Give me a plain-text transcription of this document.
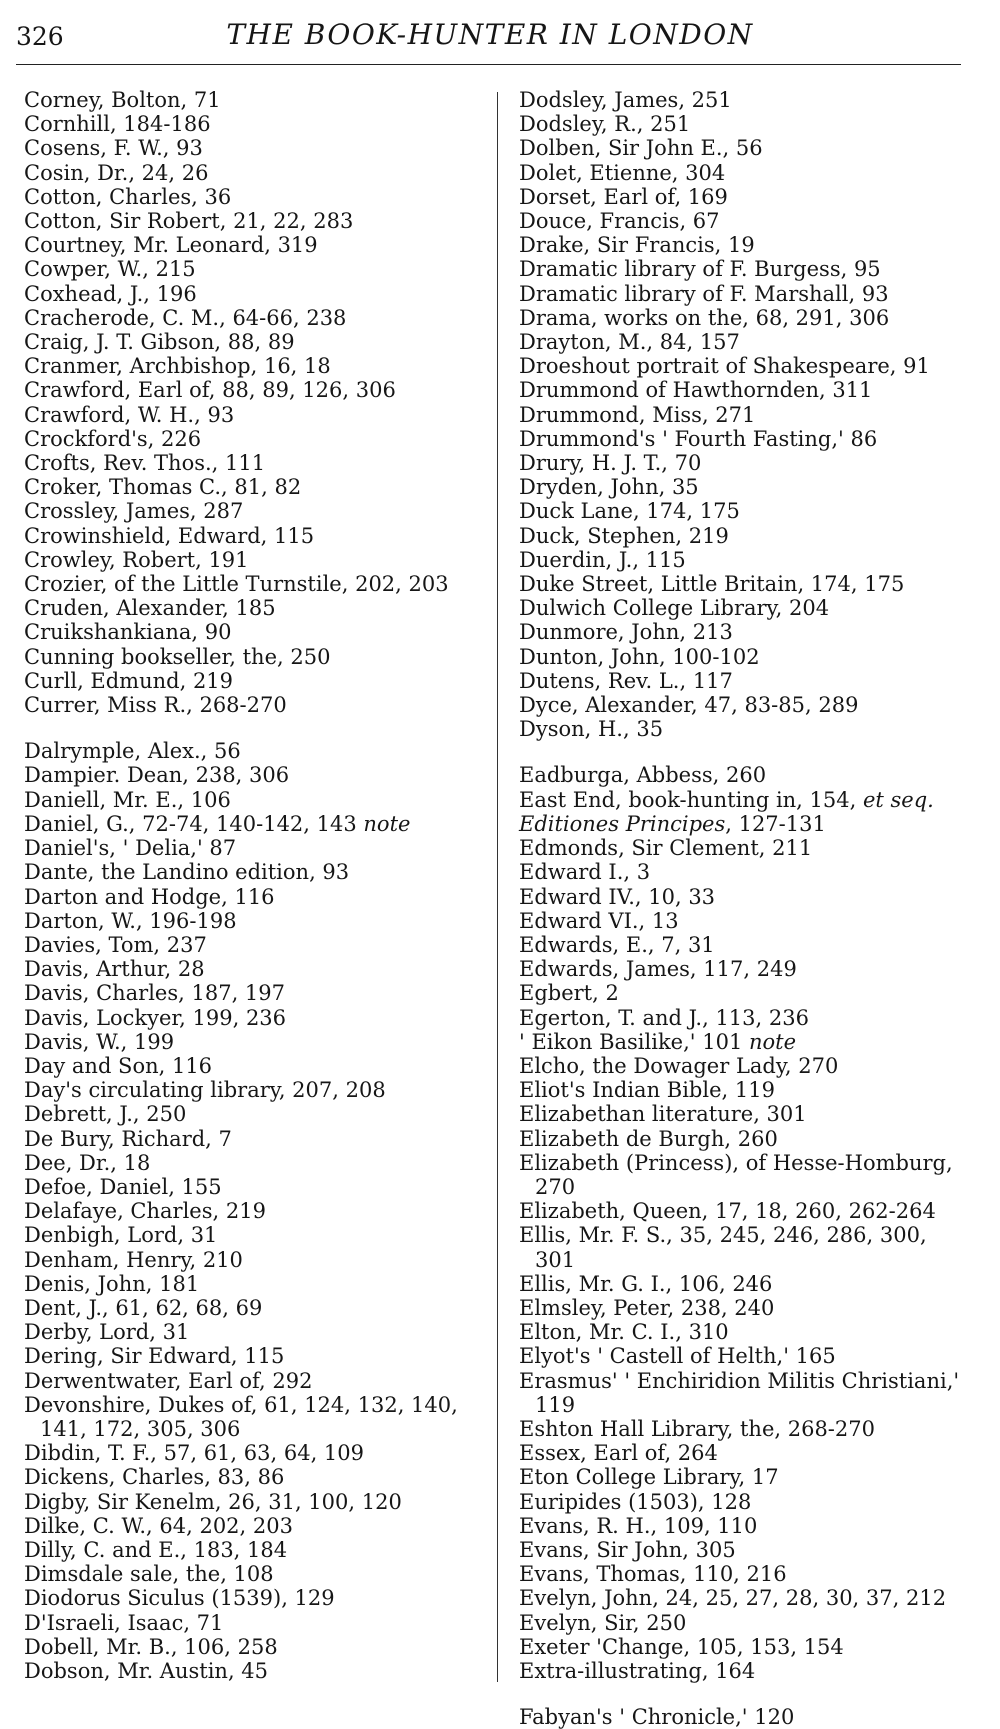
326	THE BOOK-HUNTER IN LONDON
Corney, Bolton, 71
Cornhill, 184-186
Cosens, F. W., 93
Cosin, Dr., 24, 26
Cotton, Charles, 36
Cotton, Sir Robert, 21, 22, 283
Courtney, Mr. Leonard, 319
Cowper, W., 215
Coxhead, J., 196
Cracherode, C. M., 64-66, 238
Craig, J. T. Gibson, 88, 89
Cranmer, Archbishop, 16, 18
Crawford, Earl of, 88, 89, 126, 306
Crawford, W. H., 93
Crockford's, 226
Crofts, Rev. Thos., 111
Croker, Thomas C., 81, 82
Crossley, James, 287
Crowinshield, Edward, 115
Crowley, Robert, 191
Crozier, of the Little Turnstile, 202, 203
Cruden, Alexander, 185
Cruikshankiana, 90
Cunning bookseller, the, 250
Curll, Edmund, 219
Currer, Miss R., 268-270
Dalrymple, Alex., 56
Dampier. Dean, 238, 306
Daniell, Mr. E., 106
Daniel, G., 72-74, 140-142, 143 note
Daniel's, ' Delia,' 87
Dante, the Landino edition, 93
Darton and Hodge, 116
Darton, W., 196-198
Davies, Tom, 237
Davis, Arthur, 28
Davis, Charles, 187, 197
Davis, Lockyer, 199, 236
Davis, W., 199
Day and Son, 116
Day's circulating library, 207, 208
Debrett, J., 250
De Bury, Richard, 7
Dee, Dr., 18
Defoe, Daniel, 155
Delafaye, Charles, 219
Denbigh, Lord, 31
Denham, Henry, 210
Denis, John, 181
Dent, J., 61, 62, 68, 69
Derby, Lord, 31
Dering, Sir Edward, 115
Derwentwater, Earl of, 292
Devonshire, Dukes of, 61, 124, 132, 140, 141, 172, 305, 306
Dibdin, T. F., 57, 61, 63, 64, 109
Dickens, Charles, 83, 86
Digby, Sir Kenelm, 26, 31, 100, 120
Dilke, C. W., 64, 202, 203
Dilly, C. and E., 183, 184
Dimsdale sale, the, 108
Diodorus Siculus (1539), 129
D'Israeli, Isaac, 71
Dobell, Mr. B., 106, 258
Dobson, Mr. Austin, 45
Dodsley, James, 251
Dodsley, R., 251
Dolben, Sir John E., 56
Dolet, Etienne, 304
Dorset, Earl of, 169
Douce, Francis, 67
Drake, Sir Francis, 19
Dramatic library of F. Burgess, 95
Dramatic library of F. Marshall, 93
Drama, works on the, 68, 291, 306
Drayton, M., 84, 157
Droeshout portrait of Shakespeare, 91
Drummond of Hawthornden, 311
Drummond, Miss, 271
Drummond's ' Fourth Fasting,' 86
Drury, H. J. T., 70
Dryden, John, 35
Duck Lane, 174, 175
Duck, Stephen, 219
Duerdin, J., 115
Duke Street, Little Britain, 174, 175
Dulwich College Library, 204
Dunmore, John, 213
Dunton, John, 100-102
Dutens, Rev. L., 117
Dyce, Alexander, 47, 83-85, 289
Dyson, H., 35
Eadburga, Abbess, 260
East End, book-hunting in, 154, et seq.
Editiones Principes, 127-131
Edmonds, Sir Clement, 211
Edward I., 3
Edward IV., 10, 33
Edward VI., 13
Edwards, E., 7, 31
Edwards, James, 117, 249
Egbert, 2
Egerton, T. and J., 113, 236
' Eikon Basilike,' 101 note
Elcho, the Dowager Lady, 270
Eliot's Indian Bible, 119
Elizabethan literature, 301
Elizabeth de Burgh, 260
Elizabeth (Princess), of Hesse-Homburg, 270
Elizabeth, Queen, 17, 18, 260, 262-264
Ellis, Mr. F. S., 35, 245, 246, 286, 300, 301
Ellis, Mr. G. I., 106, 246
Elmsley, Peter, 238, 240
Elton, Mr. C. I., 310
Elyot's ' Castell of Helth,' 165
Erasmus' ' Enchiridion Militis Christiani,' 119
Eshton Hall Library, the, 268-270
Essex, Earl of, 264
Eton College Library, 17
Euripides (1503), 128
Evans, R. H., 109, 110
Evans, Sir John, 305
Evans, Thomas, 110, 216
Evelyn, John, 24, 25, 27, 28, 30, 37, 212
Evelyn, Sir, 250
Exeter 'Change, 105, 153, 154
Extra-illustrating, 164
Fabyan's ' Chronicle,' 120
